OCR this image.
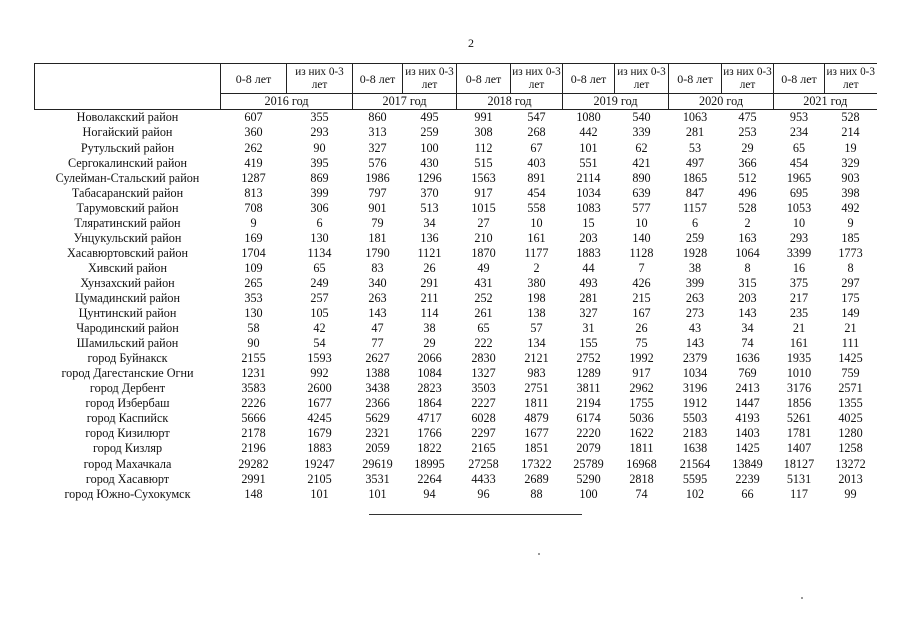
2
	0-8 лет	из них 0-3 лет	0-8 лет	из них 0-3 лет	0-8 лет	из них 0-3 лет	0-8 лет	из них 0-3 лет	0-8 лет	из них 0-3 лет	0-8 лет	из них 0-3 лет
	2016 год		2017 год		2018 год		2019 год		2020 год		2021 год	
Новолакский район	607	355	860	495	991	547	1080	540	1063	475	953	528
Ногайский район	360	293	313	259	308	268	442	339	281	253	234	214
Рутульский район	262	90	327	100	112	67	101	62	53	29	65	19
Сергокалинский район	419	395	576	430	515	403	551	421	497	366	454	329
Сулейман-Стальский район	1287	869	1986	1296	1563	891	2114	890	1865	512	1965	903
Табасаранский район	813	399	797	370	917	454	1034	639	847	496	695	398
Тарумовский район	708	306	901	513	1015	558	1083	577	1157	528	1053	492
Тляратинский район	9	6	79	34	27	10	15	10	6	2	10	9
Унцукульский район	169	130	181	136	210	161	203	140	259	163	293	185
Хасавюртовский район	1704	1134	1790	1121	1870	1177	1883	1128	1928	1064	3399	1773
Хивский район	109	65	83	26	49	2	44	7	38	8	16	8
Хунзахский район	265	249	340	291	431	380	493	426	399	315	375	297
Цумадинский район	353	257	263	211	252	198	281	215	263	203	217	175
Цунтинский район	130	105	143	114	261	138	327	167	273	143	235	149
Чародинский район	58	42	47	38	65	57	31	26	43	34	21	21
Шамильский район	90	54	77	29	222	134	155	75	143	74	161	111
город Буйнакск	2155	1593	2627	2066	2830	2121	2752	1992	2379	1636	1935	1425
город Дагестанские Огни	1231	992	1388	1084	1327	983	1289	917	1034	769	1010	759
город Дербент	3583	2600	3438	2823	3503	2751	3811	2962	3196	2413	3176	2571
город Избербаш	2226	1677	2366	1864	2227	1811	2194	1755	1912	1447	1856	1355
город Каспийск	5666	4245	5629	4717	6028	4879	6174	5036	5503	4193	5261	4025
город Кизилюрт	2178	1679	2321	1766	2297	1677	2220	1622	2183	1403	1781	1280
город Кизляр	2196	1883	2059	1822	2165	1851	2079	1811	1638	1425	1407	1258
город Махачкала	29282	19247	29619	18995	27258	17322	25789	16968	21564	13849	18127	13272
город Хасавюрт	2991	2105	3531	2264	4433	2689	5290	2818	5595	2239	5131	2013
город Южно-Сухокумск	148	101	101	94	96	88	100	74	102	66	117	99
